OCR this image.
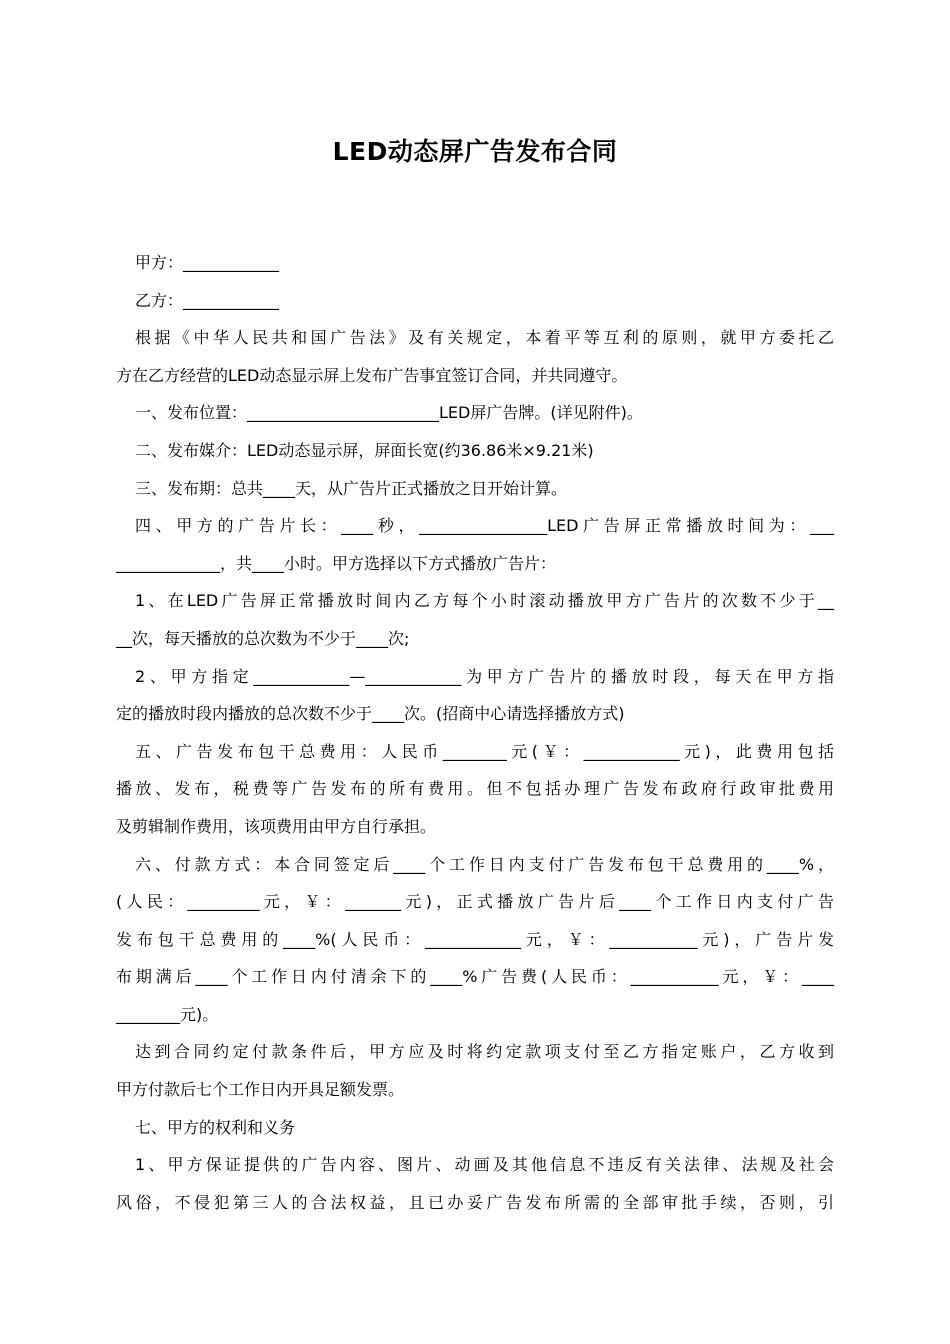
LED动态屏广告发布合同
甲方：____________
乙方：____________
根据《中华人民共和国广告法》及有关规定，本着平等互利的原则，就甲方委托乙
方在乙方经营的LED动态显示屏上发布广告事宜签订合同，并共同遵守。
一、发布位置：________________________LED屏广告牌。(详见附件)。
二、发布媒介：LED动态显示屏，屏面长宽(约36.86米×9.21米)
三、发布期：总共____天，从广告片正式播放之日开始计算。
四、甲方的广告片长：____秒，________________LED广告屏正常播放时间为：___
_____________，共____小时。甲方选择以下方式播放广告片：
1、在LED广告屏正常播放时间内乙方每个小时滚动播放甲方广告片的次数不少于__
__次，每天播放的总次数为不少于____次;
2、甲方指定____________—____________为甲方广告片的播放时段，每天在甲方指
定的播放时段内播放的总次数不少于____次。(招商中心请选择播放方式)
五、广告发布包干总费用：人民币________元(￥：____________元)，此费用包括
播放、发布，税费等广告发布的所有费用。但不包括办理广告发布政府行政审批费用
及剪辑制作费用，该项费用由甲方自行承担。
六、付款方式：本合同签定后____个工作日内支付广告发布包干总费用的____%，
(人民：_________元，￥：_______元)，正式播放广告片后____个工作日内支付广告
发布包干总费用的____%(人民币：____________元，￥：___________元)，广告片发
布期满后____个工作日内付清余下的____%广告费(人民币：___________元，￥：____
________元)。
达到合同约定付款条件后，甲方应及时将约定款项支付至乙方指定账户，乙方收到
甲方付款后七个工作日内开具足额发票。
七、甲方的权利和义务
1、甲方保证提供的广告内容、图片、动画及其他信息不违反有关法律、法规及社会
风俗，不侵犯第三人的合法权益，且已办妥广告发布所需的全部审批手续，否则，引
